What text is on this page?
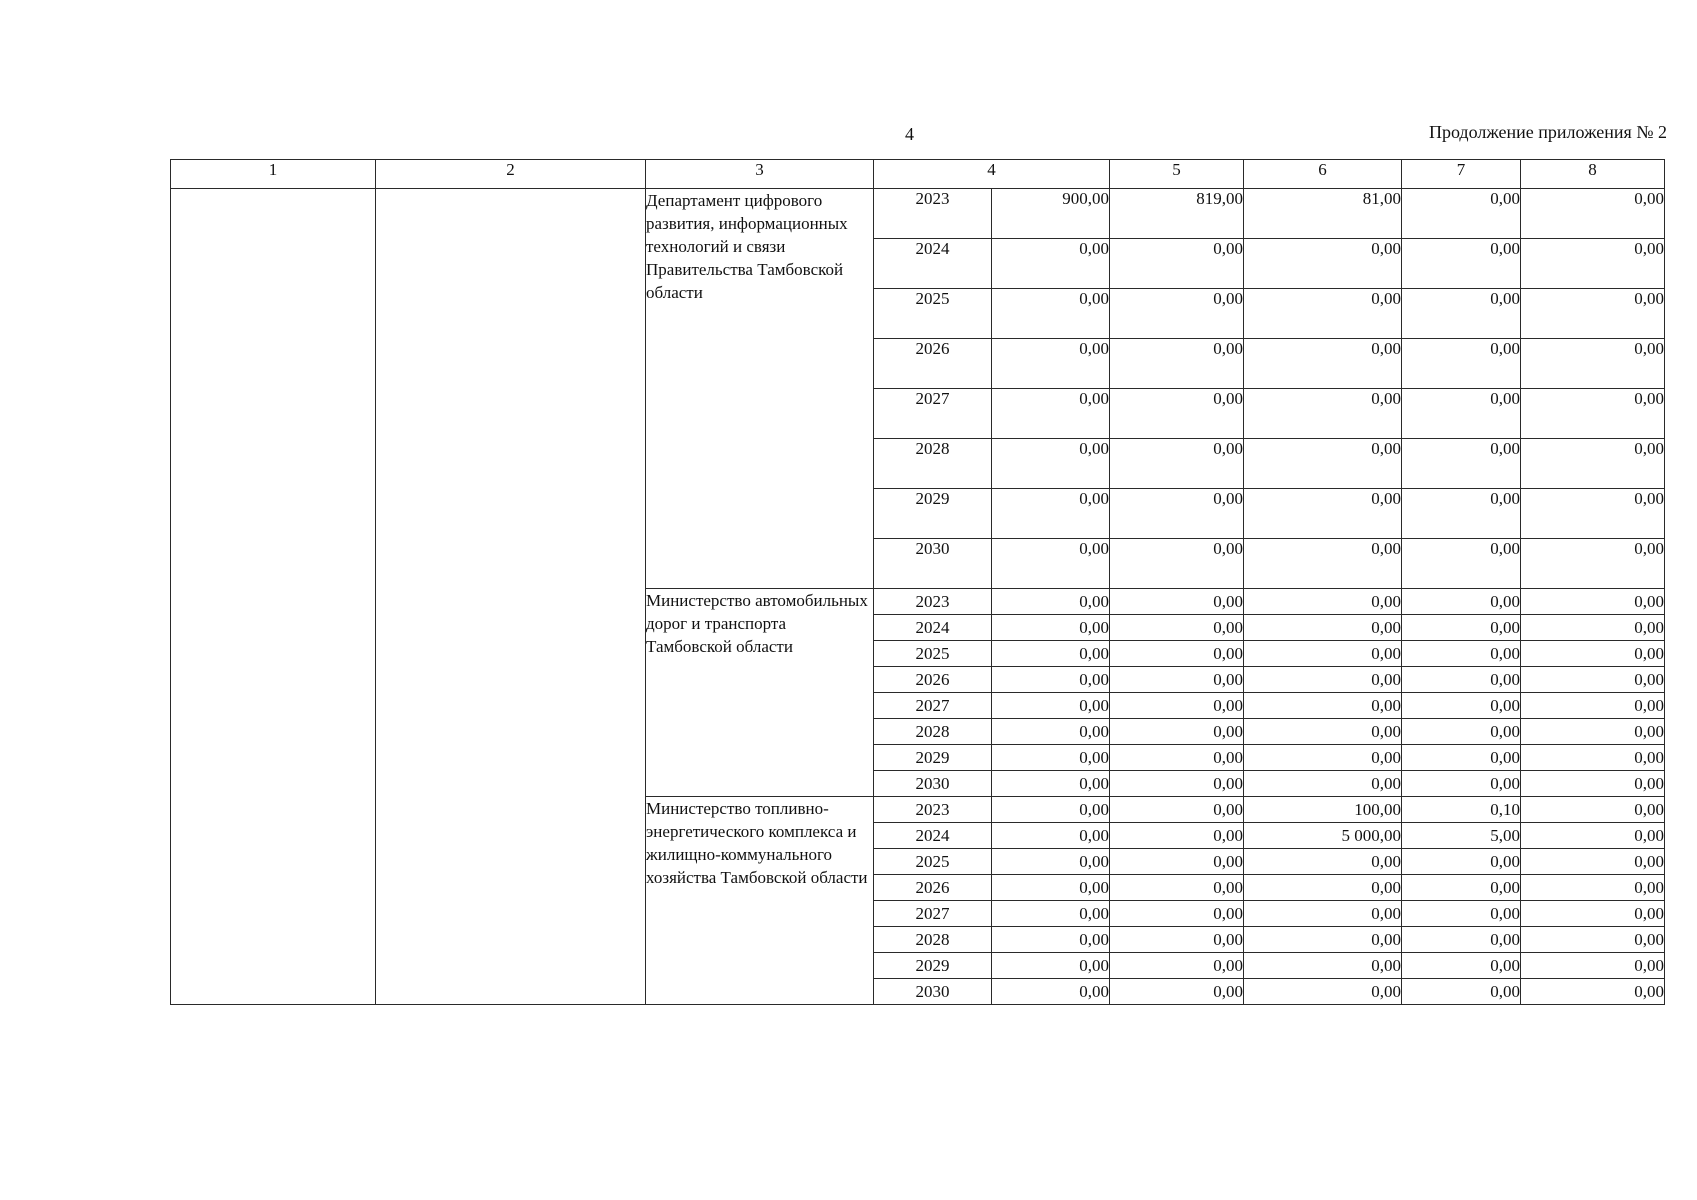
4	Продолжение приложения № 2
1	2	3	4		5	6	7	8
		Департамент цифрового развития, информационных технологий и связи Правительства Тамбовской области	2023	900,00	819,00	81,00	0,00	0,00
			2024	0,00	0,00	0,00	0,00	0,00
			2025	0,00	0,00	0,00	0,00	0,00
			2026	0,00	0,00	0,00	0,00	0,00
			2027	0,00	0,00	0,00	0,00	0,00
			2028	0,00	0,00	0,00	0,00	0,00
			2029	0,00	0,00	0,00	0,00	0,00
			2030	0,00	0,00	0,00	0,00	0,00
		Министерство автомобильных дорог и транспорта Тамбовской области	2023	0,00	0,00	0,00	0,00	0,00
			2024	0,00	0,00	0,00	0,00	0,00
			2025	0,00	0,00	0,00	0,00	0,00
			2026	0,00	0,00	0,00	0,00	0,00
			2027	0,00	0,00	0,00	0,00	0,00
			2028	0,00	0,00	0,00	0,00	0,00
			2029	0,00	0,00	0,00	0,00	0,00
			2030	0,00	0,00	0,00	0,00	0,00
		Министерство топливно-энергетического комплекса и жилищно-коммунального хозяйства Тамбовской области	2023	0,00	0,00	100,00	0,10	0,00
			2024	0,00	0,00	5 000,00	5,00	0,00
			2025	0,00	0,00	0,00	0,00	0,00
			2026	0,00	0,00	0,00	0,00	0,00
			2027	0,00	0,00	0,00	0,00	0,00
			2028	0,00	0,00	0,00	0,00	0,00
			2029	0,00	0,00	0,00	0,00	0,00
			2030	0,00	0,00	0,00	0,00	0,00
